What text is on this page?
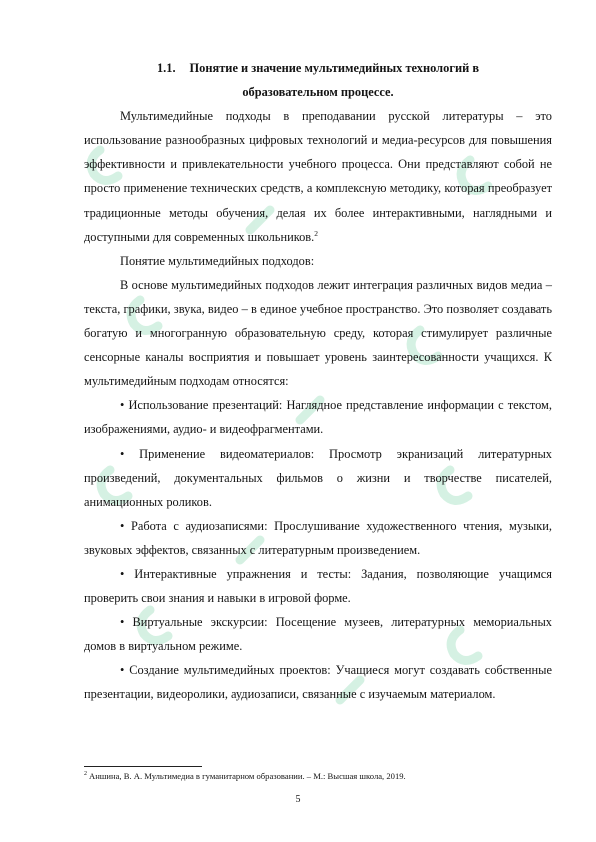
1.1. Понятие и значение мультимедийных технологий в
образовательном процессе.

Мультимедийные подходы в преподавании русской литературы – это использование разнообразных цифровых технологий и медиа-ресурсов для повышения эффективности и привлекательности учебного процесса. Они представляют собой не просто применение технических средств, а комплексную методику, которая преобразует традиционные методы обучения, делая их более интерактивными, наглядными и доступными для современных школьников.$^2$

Понятие мультимедийных подходов:

В основе мультимедийных подходов лежит интеграция различных видов медиа – текста, графики, звука, видео – в единое учебное пространство. Это позволяет создавать богатую и многогранную образовательную среду, которая стимулирует различные сенсорные каналы восприятия и повышает уровень заинтересованности учащихся. К мультимедийным подходам относятся:

• Использование презентаций: Наглядное представление информации с текстом, изображениями, аудио- и видеофрагментами.

• Применение видеоматериалов: Просмотр экранизаций литературных произведений, документальных фильмов о жизни и творчестве писателей, анимационных роликов.

• Работа с аудиозаписями: Прослушивание художественного чтения, музыки, звуковых эффектов, связанных с литературным произведением.

• Интерактивные упражнения и тесты: Задания, позволяющие учащимся проверить свои знания и навыки в игровой форме.

• Виртуальные экскурсии: Посещение музеев, литературных мемориальных домов в виртуальном режиме.

• Создание мультимедийных проектов: Учащиеся могут создавать собственные презентации, видеоролики, аудиозаписи, связанные с изучаемым материалом.

$^2$ Аншина, В. А. Мультимедиа в гуманитарном образовании. – М.: Высшая школа, 2019.
5
